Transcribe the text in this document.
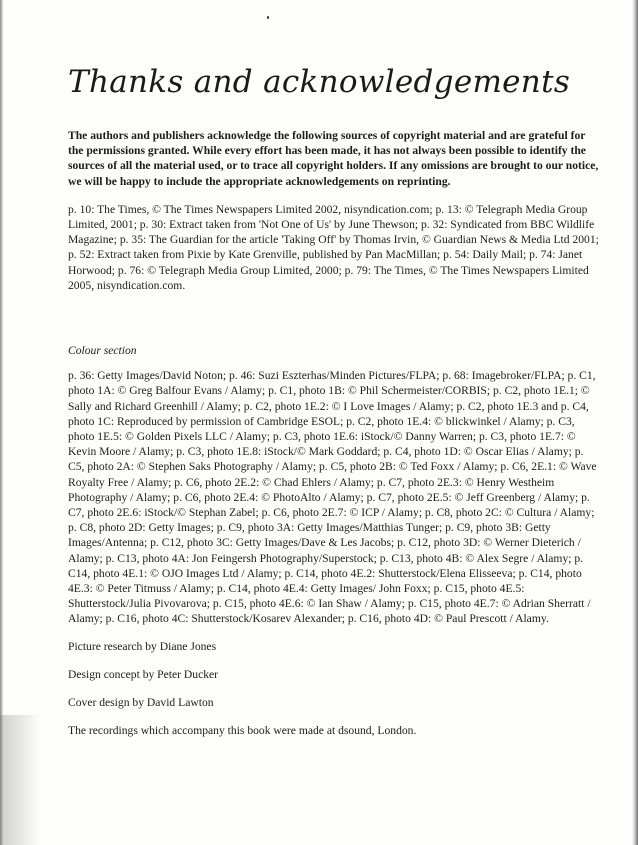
Thanks and acknowledgements

The authors and publishers acknowledge the following sources of copyright material and are grateful for the permissions granted. While every effort has been made, it has not always been possible to identify the sources of all the material used, or to trace all copyright holders. If any omissions are brought to our notice, we will be happy to include the appropriate acknowledgements on reprinting.

p. 10: The Times, © The Times Newspapers Limited 2002, nisyndication.com; p. 13: © Telegraph Media Group Limited, 2001; p. 30: Extract taken from 'Not One of Us' by June Thewson; p. 32: Syndicated from BBC Wildlife Magazine; p. 35: The Guardian for the article 'Taking Off' by Thomas Irvin, © Guardian News & Media Ltd 2001; p. 52: Extract taken from Pixie by Kate Grenville, published by Pan MacMillan; p. 54: Daily Mail; p. 74: Janet Horwood; p. 76: © Telegraph Media Group Limited, 2000; p. 79: The Times, © The Times Newspapers Limited 2005, nisyndication.com.

Colour section

p. 36: Getty Images/David Noton; p. 46: Suzi Eszterhas/Minden Pictures/FLPA; p. 68: Imagebroker/FLPA; p. C1, photo 1A: © Greg Balfour Evans / Alamy; p. C1, photo 1B: © Phil Schermeister/CORBIS; p. C2, photo 1E.1; © Sally and Richard Greenhill / Alamy; p. C2, photo 1E.2: © I Love Images / Alamy; p. C2, photo 1E.3 and p. C4, photo 1C: Reproduced by permission of Cambridge ESOL; p. C2, photo 1E.4: © blickwinkel / Alamy; p. C3, photo 1E.5: © Golden Pixels LLC / Alamy; p. C3, photo 1E.6: iStock/© Danny Warren; p. C3, photo 1E.7: © Kevin Moore / Alamy; p. C3, photo 1E.8: iStock/© Mark Goddard; p. C4, photo 1D: © Oscar Elias / Alamy; p. C5, photo 2A: © Stephen Saks Photography / Alamy; p. C5, photo 2B: © Ted Foxx / Alamy; p. C6, 2E.1: © Wave Royalty Free / Alamy; p. C6, photo 2E.2: © Chad Ehlers / Alamy; p. C7, photo 2E.3: © Henry Westheim Photography / Alamy; p. C6, photo 2E.4: © PhotoAlto / Alamy; p. C7, photo 2E.5: © Jeff Greenberg / Alamy; p. C7, photo 2E.6: iStock/© Stephan Zabel; p. C6, photo 2E.7: © ICP / Alamy; p. C8, photo 2C: © Cultura / Alamy; p. C8, photo 2D: Getty Images; p. C9, photo 3A: Getty Images/Matthias Tunger; p. C9, photo 3B: Getty Images/Antenna; p. C12, photo 3C: Getty Images/Dave & Les Jacobs; p. C12, photo 3D: © Werner Dieterich / Alamy; p. C13, photo 4A: Jon Feingersh Photography/Superstock; p. C13, photo 4B: © Alex Segre / Alamy; p. C14, photo 4E.1: © OJO Images Ltd / Alamy; p. C14, photo 4E.2: Shutterstock/Elena Elisseeva; p. C14, photo 4E.3: © Peter Titmuss / Alamy; p. C14, photo 4E.4: Getty Images/ John Foxx; p. C15, photo 4E.5: Shutterstock/Julia Pivovarova; p. C15, photo 4E.6: © Ian Shaw / Alamy; p. C15, photo 4E.7: © Adrian Sherratt / Alamy; p. C16, photo 4C: Shutterstock/Kosarev Alexander; p. C16, photo 4D: © Paul Prescott / Alamy.

Picture research by Diane Jones

Design concept by Peter Ducker

Cover design by David Lawton

The recordings which accompany this book were made at dsound, London.
